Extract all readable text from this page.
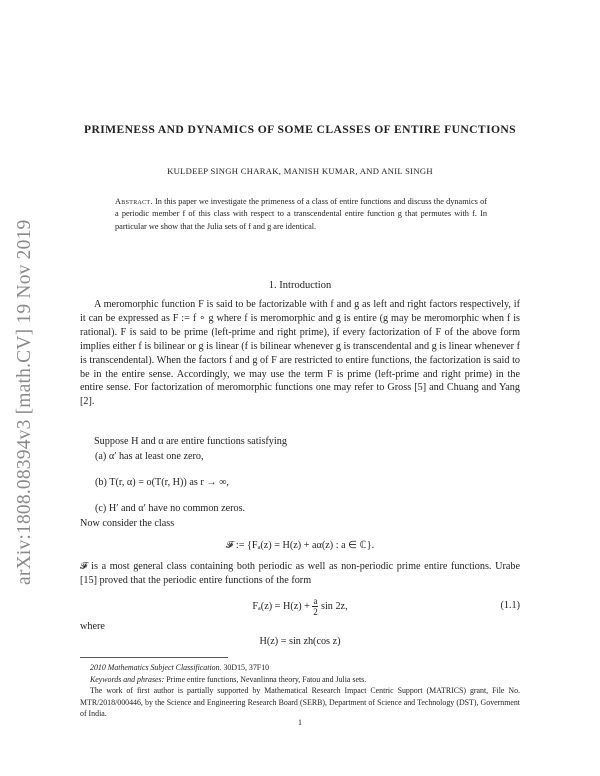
arXiv:1808.08394v3 [math.CV] 19 Nov 2019
PRIMENESS AND DYNAMICS OF SOME CLASSES OF ENTIRE FUNCTIONS
KULDEEP SINGH CHARAK, MANISH KUMAR, AND ANIL SINGH
Abstract. In this paper we investigate the primeness of a class of entire functions and discuss the dynamics of a periodic member f of this class with respect to a transcendental entire function g that permutes with f. In particular we show that the Julia sets of f and g are identical.
1. Introduction
A meromorphic function F is said to be factorizable with f and g as left and right factors respectively, if it can be expressed as F := f ∘ g where f is meromorphic and g is entire (g may be meromorphic when f is rational). F is said to be prime (left-prime and right prime), if every factorization of F of the above form implies either f is bilinear or g is linear (f is bilinear whenever g is transcendental and g is linear whenever f is transcendental). When the factors f and g of F are restricted to entire functions, the factorization is said to be in the entire sense. Accordingly, we may use the term F is prime (left-prime and right prime) in the entire sense. For factorization of meromorphic functions one may refer to Gross [5] and Chuang and Yang [2].
Suppose H and α are entire functions satisfying
(a) α′ has at least one zero,
(b) T(r, α) = o(T(r, H)) as r → ∞,
(c) H′ and α′ have no common zeros.
Now consider the class
𝓕 := {Fₐ(z) = H(z) + aα(z) : a ∈ ℂ}.
𝓕 is a most general class containing both periodic as well as non-periodic prime entire functions. Urabe [15] proved that the periodic entire functions of the form
$F_a(z) = H(z) + \frac{a}{2}$ sin 2z,	(1.1)
where
H(z) = sin zh(cos z)

2010 Mathematics Subject Classification. 30D15, 37F10

Keywords and phrases: Prime entire functions, Nevanlinna theory, Fatou and Julia sets.

The work of first author is partially supported by Mathematical Research Impact Centric Support (MATRICS) grant, File No. MTR/2018/000446, by the Science and Engineering Research Board (SERB), Department of Science and Technology (DST), Government of India.

1
